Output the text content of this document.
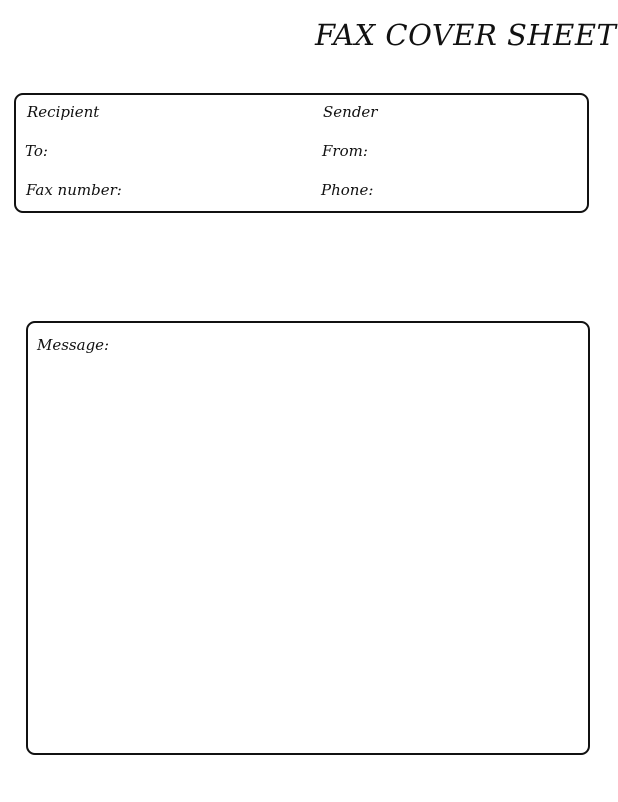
FAX COVER SHEET
Recipient
To:
Fax number:
Sender
From:
Phone:
Message:
